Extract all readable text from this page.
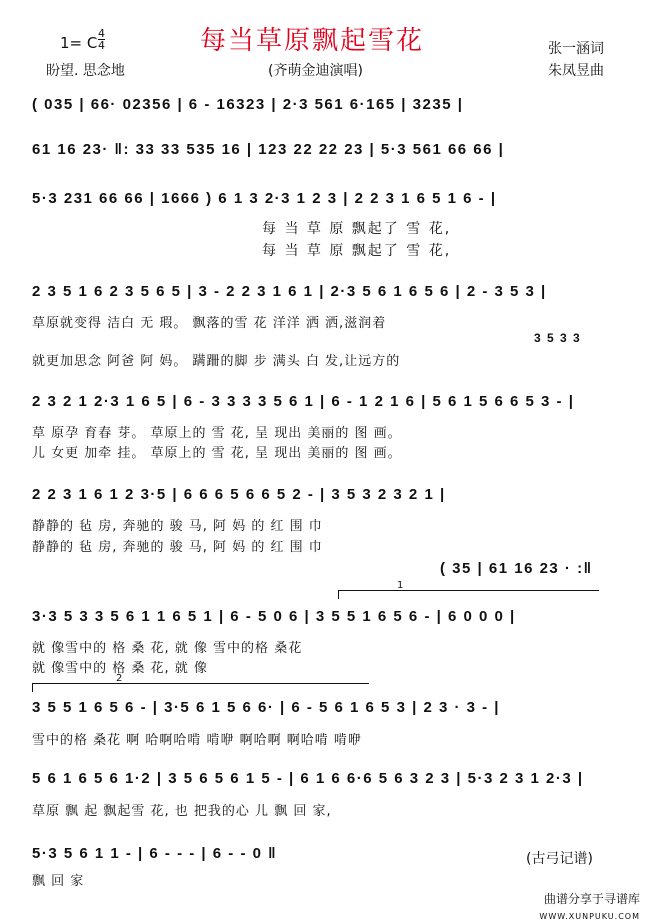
1= C
4
4	每当草原飘起雪花	张一涵词
盼望. 思念地	(齐萌金迪演唱)	朱凤昱曲
( 035 | 66· 02356 | 6 - 16323 | 2·3 561 6·165 | 3235 |
61 16 23· ‖: 33 33 535 16 | 123 22 22 23 | 5·3 561 66 66 |
5·3 231 66 66 | 1666 ) 6 1 3 2·3 1 2 3 | 2 2 3 1 6 5 1 6 - |
每 当 草 原 飘起了 雪 花,
每 当 草 原 飘起了 雪 花,
2 3 5 1 6 2 3 5 6 5 | 3 - 2 2 3 1 6 1 | 2·3 5 6 1 6 5 6 | 2 - 3 5 3 |
草原就变得 洁白 无 瑕。 飘落的雪 花 洋洋 洒 洒,滋润着
3 5 3 3
就更加思念 阿爸 阿 妈。 蹒跚的脚 步 满头 白 发,让远方的
2 3 2 1 2·3 1 6 5 | 6 - 3 3 3 3 5 6 1 | 6 - 1 2 1 6 | 5 6 1 5 6 6 5 3 - |
草 原孕 育春 芽。 草原上的 雪 花, 呈 现出 美丽的 图 画。
儿 女更 加牵 挂。 草原上的 雪 花, 呈 现出 美丽的 图 画。
2 2 3 1 6 1 2 3·5 | 6 6 6 5 6 6 5 2 - | 3 5 3 2 3 2 1 |
静静的 毡 房, 奔驰的 骏 马, 阿 妈 的 红 围 巾
静静的 毡 房, 奔驰的 骏 马, 阿 妈 的 红 围 巾
( 35 | 61 16 23 · :‖
1
3·3 5 3 3 5 6 1 1 6 5 1 | 6 - 5 0 6 | 3 5 5 1 6 5 6 - | 6 0 0 0 |
就 像雪中的 格 桑 花, 就 像 雪中的格 桑花
就 像雪中的 格 桑 花, 就 像
2
3 5 5 1 6 5 6 - | 3·5 6 1 5 6 6· | 6 - 5 6 1 6 5 3 | 2 3 · 3 - |
雪中的格 桑花 啊 哈啊哈啃 啃咿 啊哈啊 啊哈啃 啃咿
5 6 1 6 5 6 1·2 | 3 5 6 5 6 1 5 - | 6 1 6 6·6 5 6 3 2 3 | 5·3 2 3 1 2·3 |
草原 飘 起 飘起雪 花, 也 把我的心 儿 飘 回 家,
5·3 5 6 1 1 - | 6 - - - | 6 - - 0 ‖
飘 回 家
(古弓记谱)
曲谱分享于寻谱库
WWW.XUNPUKU.COM
